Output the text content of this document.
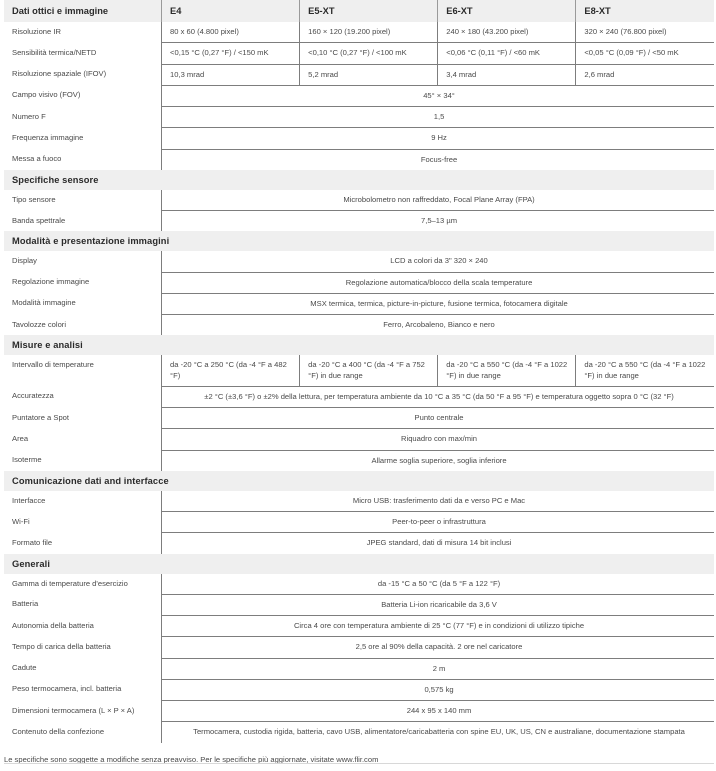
Dati ottici e immagine	E4	E5-XT	E6-XT	E8-XT
Risoluzione IR	80 x 60 (4.800 pixel)	160 × 120 (19.200 pixel)	240 × 180 (43.200 pixel)	320 × 240 (76.800 pixel)
Sensibilità termica/NETD	<0,15 °C (0,27 °F) / <150 mK	<0,10 °C (0,27 °F) / <100 mK	<0,06 °C (0,11 °F) / <60 mK	<0,05 °C (0,09 °F) / <50 mK
Risoluzione spaziale (IFOV)	10,3 mrad	5,2 mrad	3,4 mrad	2,6 mrad
Campo visivo (FOV)	45° × 34°			
Numero F	1,5			
Frequenza immagine	9 Hz			
Messa a fuoco	Focus-free			
Specifiche sensore				
Tipo sensore	Microbolometro non raffreddato, Focal Plane Array (FPA)			
Banda spettrale	7,5–13 µm			
Modalità e presentazione immagini				
Display	LCD a colori da 3" 320 × 240			
Regolazione immagine	Regolazione automatica/blocco della scala temperature			
Modalità immagine	MSX termica, termica, picture-in-picture, fusione termica, fotocamera digitale			
Tavolozze colori	Ferro, Arcobaleno, Bianco e nero			
Misure e analisi				
Intervallo di temperature	da -20 °C a 250 °C (da -4 °F a 482 °F)	da -20 °C a 400 °C (da -4 °F a 752 °F) in due range	da -20 °C a 550 °C (da -4 °F a 1022 °F) in due range	da -20 °C a 550 °C (da -4 °F a 1022 °F) in due range
Accuratezza	±2 °C (±3,6 °F) o ±2% della lettura, per temperatura ambiente da 10 °C a 35 °C (da 50 °F a 95 °F) e temperatura oggetto sopra 0 °C (32 °F)			
Puntatore a Spot	Punto centrale			
Area	Riquadro con max/min			
Isoterme	Allarme soglia superiore, soglia inferiore			
Comunicazione dati and interfacce				
Interfacce	Micro USB: trasferimento dati da e verso PC e Mac			
Wi-Fi	Peer-to-peer o infrastruttura			
Formato file	JPEG standard, dati di misura 14 bit inclusi			
Generali				
Gamma di temperature d'esercizio	da -15 °C a 50 °C (da 5 °F a 122 °F)			
Batteria	Batteria Li-ion ricaricabile da 3,6 V			
Autonomia della batteria	Circa 4 ore con temperatura ambiente di 25 °C (77 °F) e in condizioni di utilizzo tipiche			
Tempo di carica della batteria	2,5 ore al 90% della capacità. 2 ore nel caricatore			
Cadute	2 m			
Peso termocamera, incl. batteria	0,575 kg			
Dimensioni termocamera (L × P × A)	244 x 95 x 140 mm			
Contenuto della confezione	Termocamera, custodia rigida, batteria, cavo USB, alimentatore/caricabatteria con spine EU, UK, US, CN e australiane, documentazione stampata			
Le specifiche sono soggette a modifiche senza preavviso. Per le specifiche più aggiornate, visitate www.flir.com
